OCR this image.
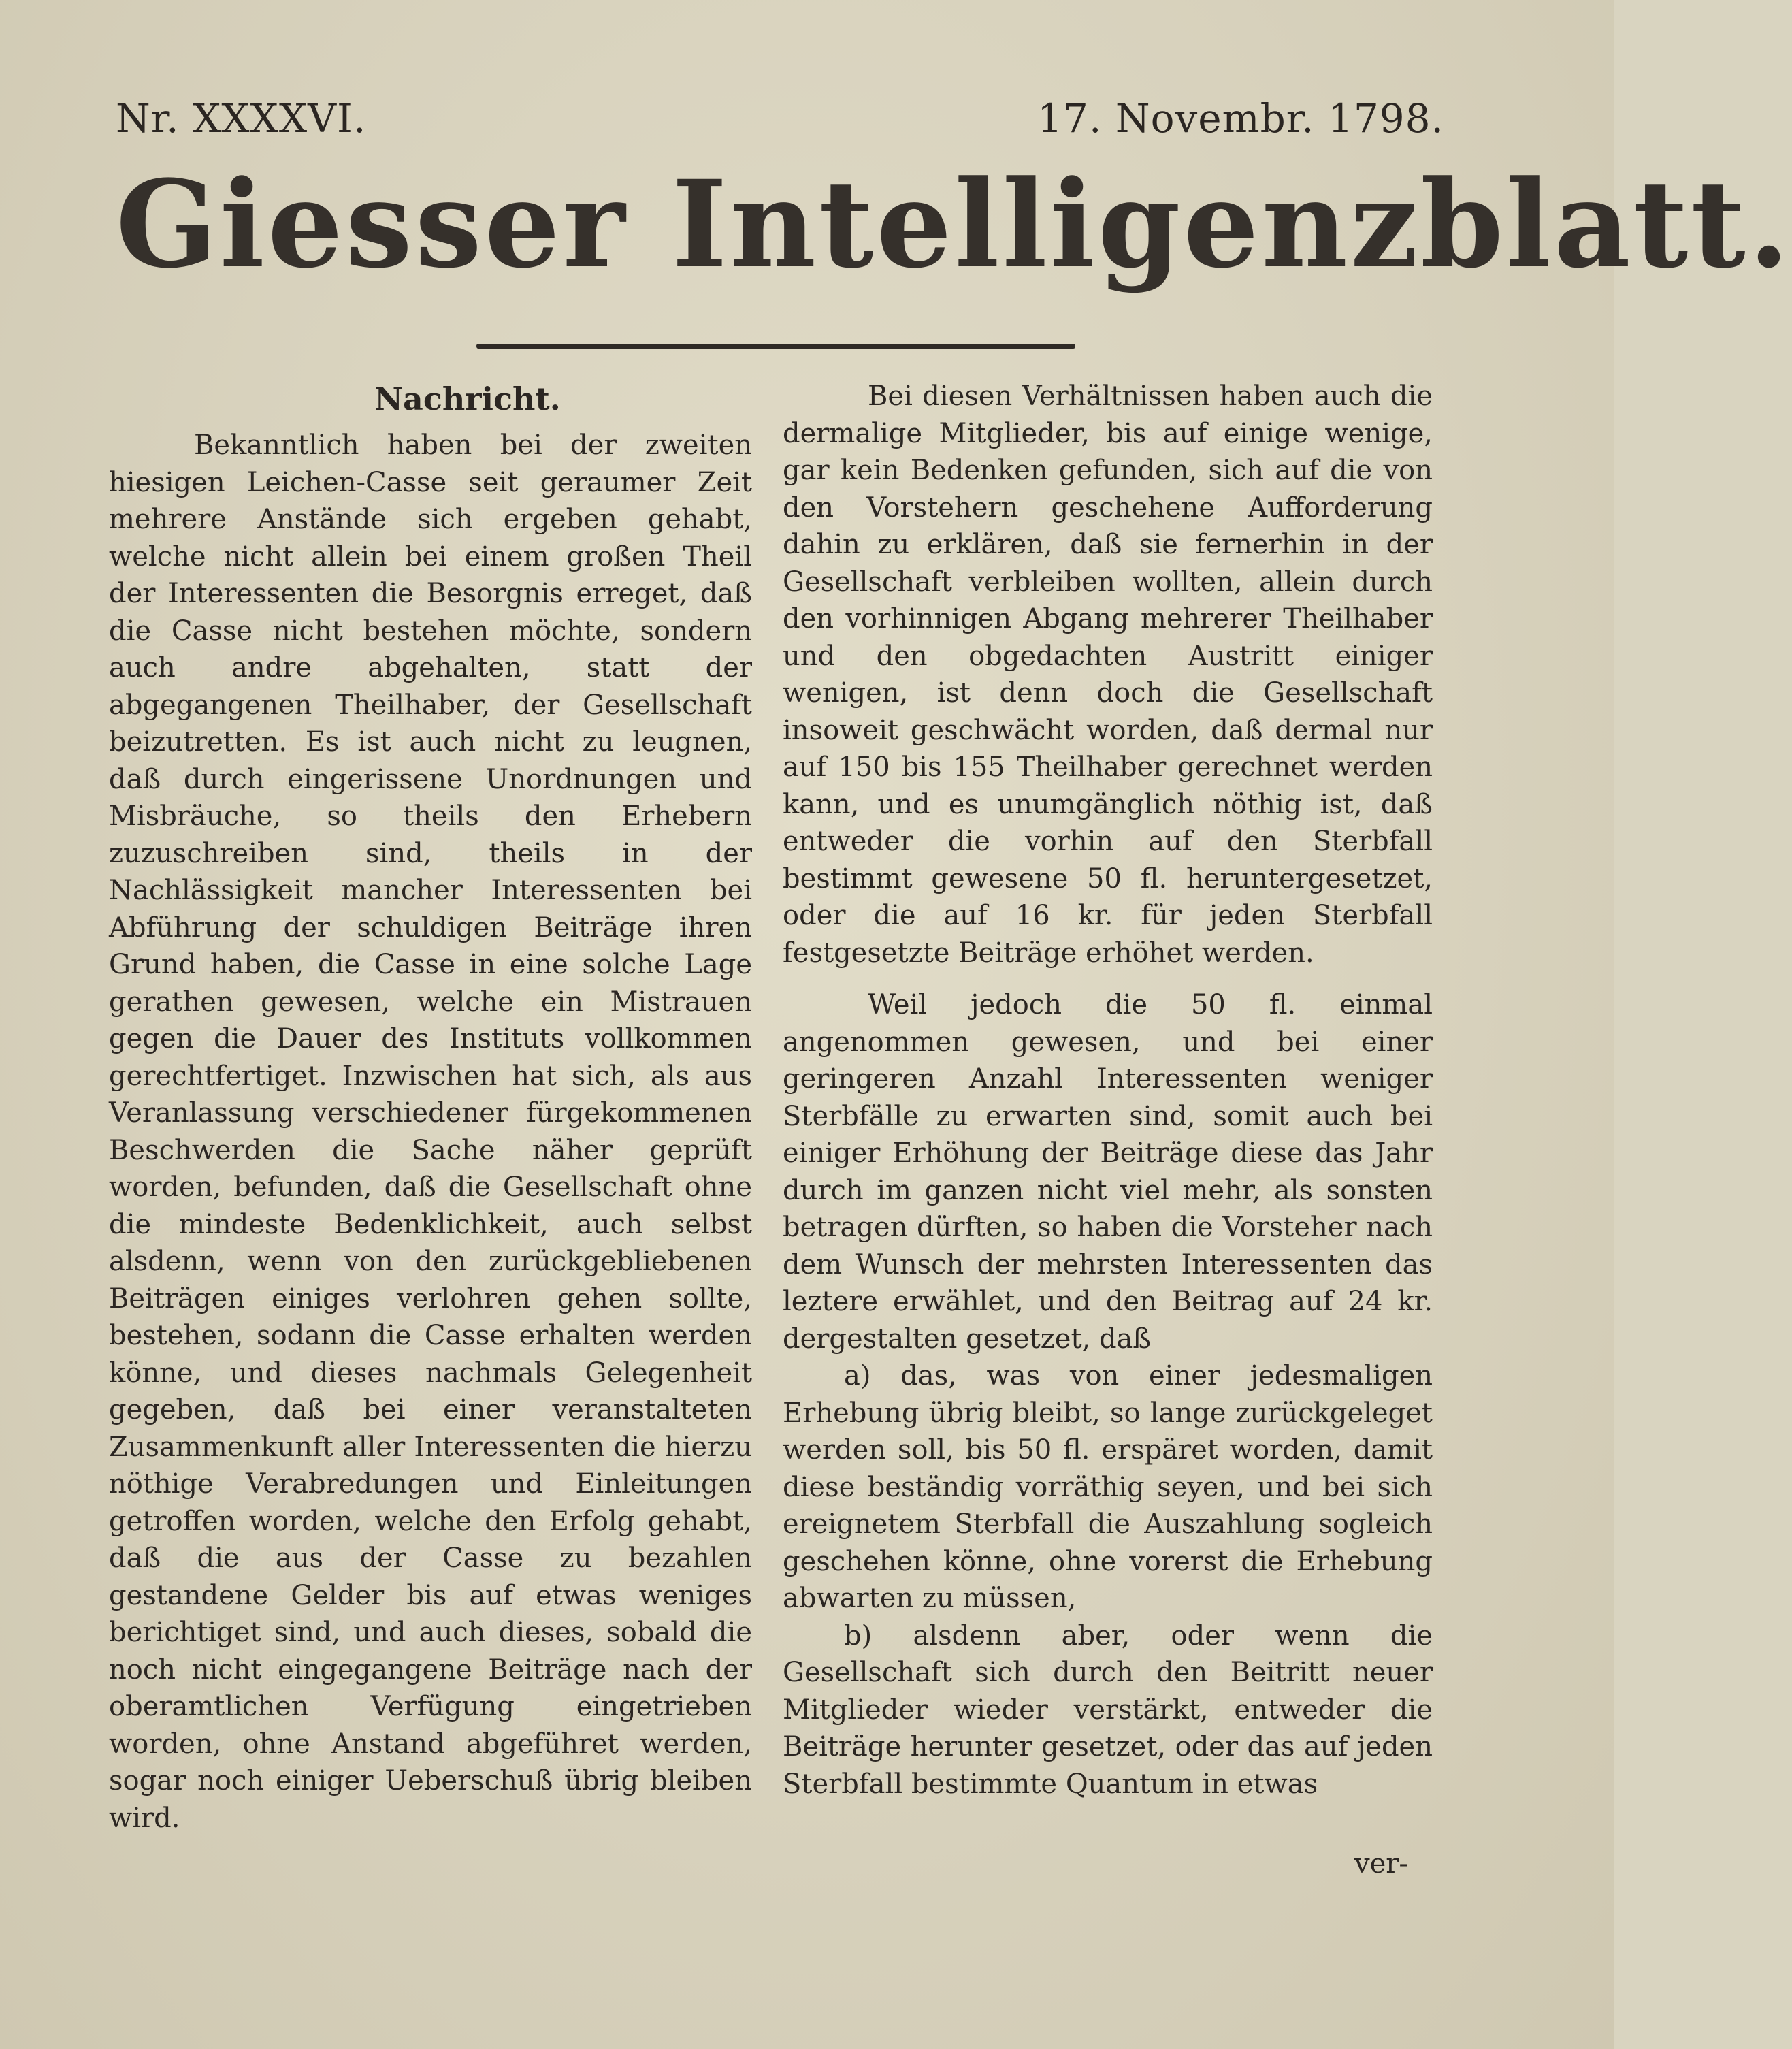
Nr. XXXXVI.	17. Novembr. 1798.
Giesser Intelligenzblatt.

Nachricht.

Bekanntlich haben bei der zweiten hiesigen Leichen-Casse seit geraumer Zeit mehrere Anstände sich ergeben gehabt, welche nicht allein bei einem großen Theil der Interessenten die Besorgnis erreget, daß die Casse nicht bestehen möchte, sondern auch andre abgehalten, statt der abgegangenen Theilhaber, der Gesellschaft beizutretten. Es ist auch nicht zu leugnen, daß durch eingerissene Unordnungen und Misbräuche, so theils den Erhebern zuzuschreiben sind, theils in der Nachlässigkeit mancher Interessenten bei Abführung der schuldigen Beiträge ihren Grund haben, die Casse in eine solche Lage gerathen gewesen, welche ein Mistrauen gegen die Dauer des Instituts vollkommen gerechtfertiget. Inzwischen hat sich, als aus Veranlassung verschiedener fürgekommenen Beschwerden die Sache näher geprüft worden, befunden, daß die Gesellschaft ohne die mindeste Bedenklichkeit, auch selbst alsdenn, wenn von den zurückgebliebenen Beiträgen einiges verlohren gehen sollte, bestehen, sodann die Casse erhalten werden könne, und dieses nachmals Gelegenheit gegeben, daß bei einer veranstalteten Zusammenkunft aller Interessenten die hierzu nöthige Verabredungen und Einleitungen getroffen worden, welche den Erfolg gehabt, daß die aus der Casse zu bezahlen gestandene Gelder bis auf etwas weniges berichtiget sind, und auch dieses, sobald die noch nicht eingegangene Beiträge nach der oberamtlichen Verfügung eingetrieben worden, ohne Anstand abgeführet werden, sogar noch einiger Ueberschuß übrig bleiben wird.

Bei diesen Verhältnissen haben auch die dermalige Mitglieder, bis auf einige wenige, gar kein Bedenken gefunden, sich auf die von den Vorstehern geschehene Aufforderung dahin zu erklären, daß sie fernerhin in der Gesellschaft verbleiben wollten, allein durch den vorhinnigen Abgang mehrerer Theilhaber und den obgedachten Austritt einiger wenigen, ist denn doch die Gesellschaft insoweit geschwächt worden, daß dermal nur auf 150 bis 155 Theilhaber gerechnet werden kann, und es unumgänglich nöthig ist, daß entweder die vorhin auf den Sterbfall bestimmt gewesene 50 fl. heruntergesetzet, oder die auf 16 kr. für jeden Sterbfall festgesetzte Beiträge erhöhet werden.

Weil jedoch die 50 fl. einmal angenommen gewesen, und bei einer geringeren Anzahl Interessenten weniger Sterbfälle zu erwarten sind, somit auch bei einiger Erhöhung der Beiträge diese das Jahr durch im ganzen nicht viel mehr, als sonsten betragen dürften, so haben die Vorsteher nach dem Wunsch der mehrsten Interessenten das leztere erwählet, und den Beitrag auf 24 kr. dergestalten gesetzet, daß

a) das, was von einer jedesmaligen Erhebung übrig bleibt, so lange zurückgeleget werden soll, bis 50 fl. erspäret worden, damit diese beständig vorräthig seyen, und bei sich ereignetem Sterbfall die Auszahlung sogleich geschehen könne, ohne vorerst die Erhebung abwarten zu müssen,

b) alsdenn aber, oder wenn die Gesellschaft sich durch den Beitritt neuer Mitglieder wieder verstärkt, entweder die Beiträge herunter gesetzet, oder das auf jeden Sterbfall bestimmte Quantum in etwas

ver-
